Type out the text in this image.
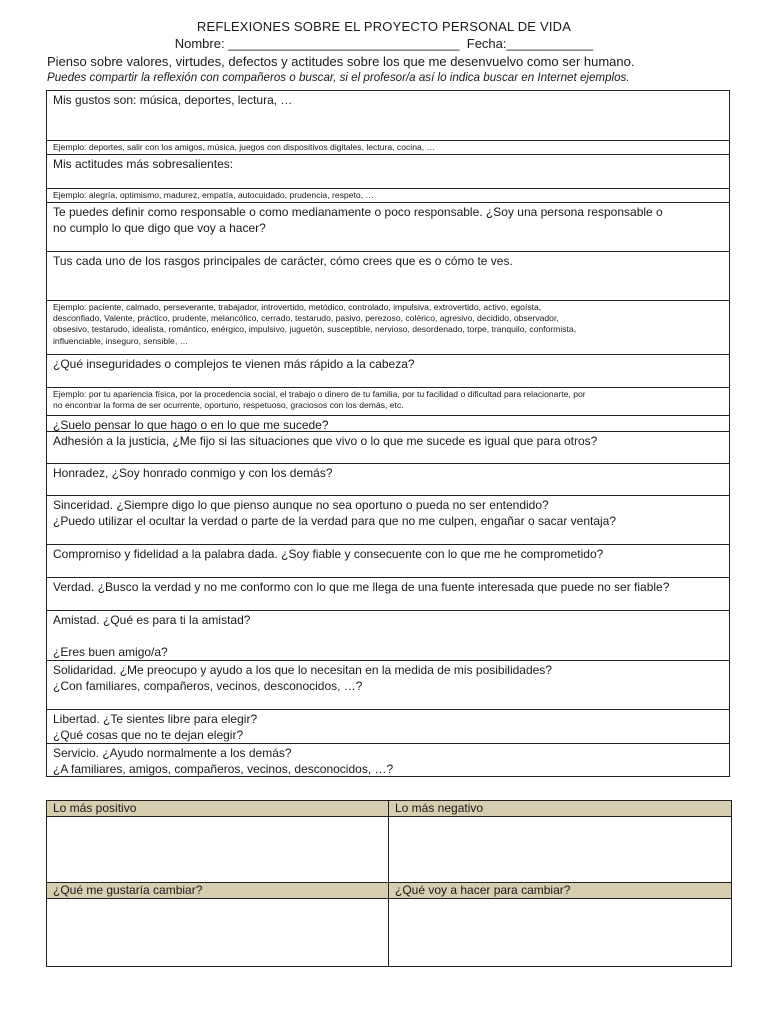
REFLEXIONES SOBRE EL PROYECTO PERSONAL DE VIDA
Nombre: ________________________________  Fecha:____________
Pienso sobre valores, virtudes, defectos y actitudes sobre los que me desenvuelvo como ser humano.
Puedes compartir la reflexión con compañeros o buscar, si el profesor/a así lo indica buscar en Internet ejemplos.
Mis gustos son: música, deportes, lectura, …
Ejemplo: deportes, salir con los amigos, música, juegos con dispositivos digitales, lectura, cocina, …
Mis actitudes más sobresalientes:
Ejemplo: alegría, optimismo, madurez, empatía, autocuidado, prudencia, respeto, …
Te puedes definir como responsable o como medianamente o poco responsable. ¿Soy una persona responsable o
no cumplo lo que digo que voy a hacer?
Tus cada uno de los rasgos principales de carácter, cómo crees que es o cómo te ves.
Ejemplo: paciente, calmado, perseverante, trabajador, introvertido, metódico, controlado, impulsiva, extrovertido, activo, egoísta,
desconfiado, Valente, práctico, prudente, melancólico, cerrado, testarudo, pasivo, perezoso, colérico, agresivo, decidido, observador,
obsesivo, testarudo, idealista, romántico, enérgico, impulsivo, juguetón, susceptible, nervioso, desordenado, torpe, tranquilo, conformista,
influenciable, inseguro, sensible, …
¿Qué inseguridades o complejos te vienen más rápido a la cabeza?
Ejemplo: por tu apariencia física, por la procedencia social, el trabajo o dinero de tu familia, por tu facilidad o dificultad para relacionarte, por
no encontrar la forma de ser ocurrente, oportuno, respetuoso, graciosos con los demás, etc.
¿Suelo pensar lo que hago o en lo que me sucede?
Adhesión a la justicia, ¿Me fijo si las situaciones que vivo o lo que me sucede es igual que para otros?
Honradez, ¿Soy honrado conmigo y con los demás?
Sinceridad. ¿Siempre digo lo que pienso aunque no sea oportuno o pueda no ser entendido?
¿Puedo utilizar el ocultar la verdad o parte de la verdad para que no me culpen, engañar o sacar ventaja?
Compromiso y fidelidad a la palabra dada. ¿Soy fiable y consecuente con lo que me he comprometido?
Verdad. ¿Busco la verdad y no me conformo con lo que me llega de una fuente interesada que puede no ser fiable?
Amistad. ¿Qué es para ti la amistad?
¿Eres buen amigo/a?
Solidaridad. ¿Me preocupo y ayudo a los que lo necesitan en la medida de mis posibilidades?
¿Con familiares, compañeros, vecinos, desconocidos, …?
Libertad. ¿Te sientes libre para elegir?
¿Qué cosas que no te dejan elegir?
Servicio. ¿Ayudo normalmente a los demás?
¿A familiares, amigos, compañeros, vecinos, desconocidos, …?
Lo más positivo	Lo más negativo
¿Qué me gustaría cambiar?	¿Qué voy a hacer para cambiar?
